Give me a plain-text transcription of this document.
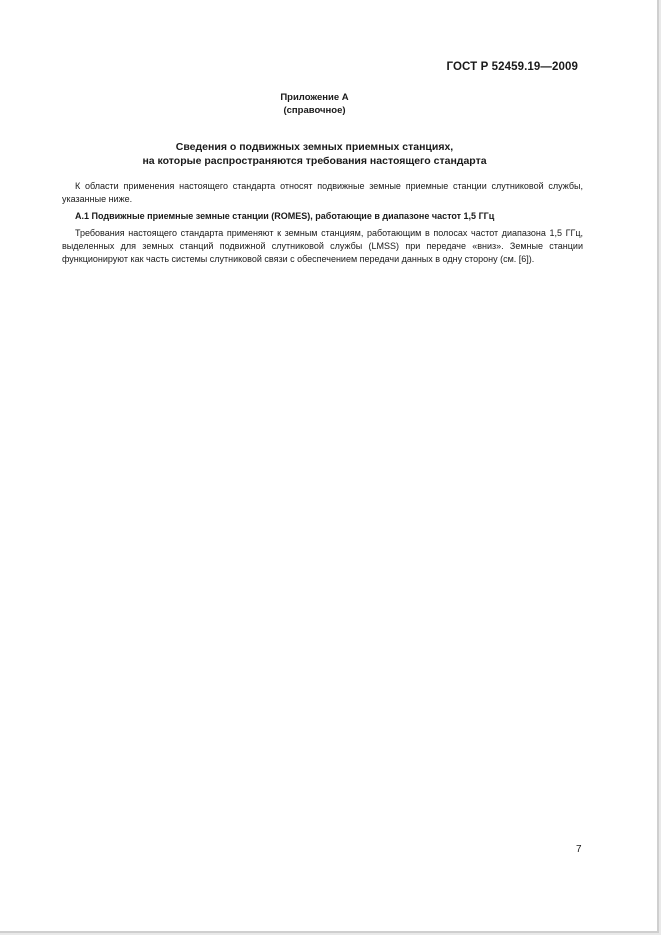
ГОСТ Р 52459.19—2009
Приложение А
(справочное)
Сведения о подвижных земных приемных станциях,
на которые распространяются требования настоящего стандарта
К области применения настоящего стандарта относят подвижные земные приемные станции слутниковой службы, указанные ниже.
А.1 Подвижные приемные земные станции (ROMES), работающие в диапазоне частот 1,5 ГГц
Требования настоящего стандарта применяют к земным станциям, работающим в полосах частот диапазона 1,5 ГГц, выделенных для земных станций подвижной слутниковой службы (LMSS) при передаче «вниз». Земные станции функционируют как часть системы слутниковой связи с обеспечением передачи данных в одну сторону (см. [6]).
7
